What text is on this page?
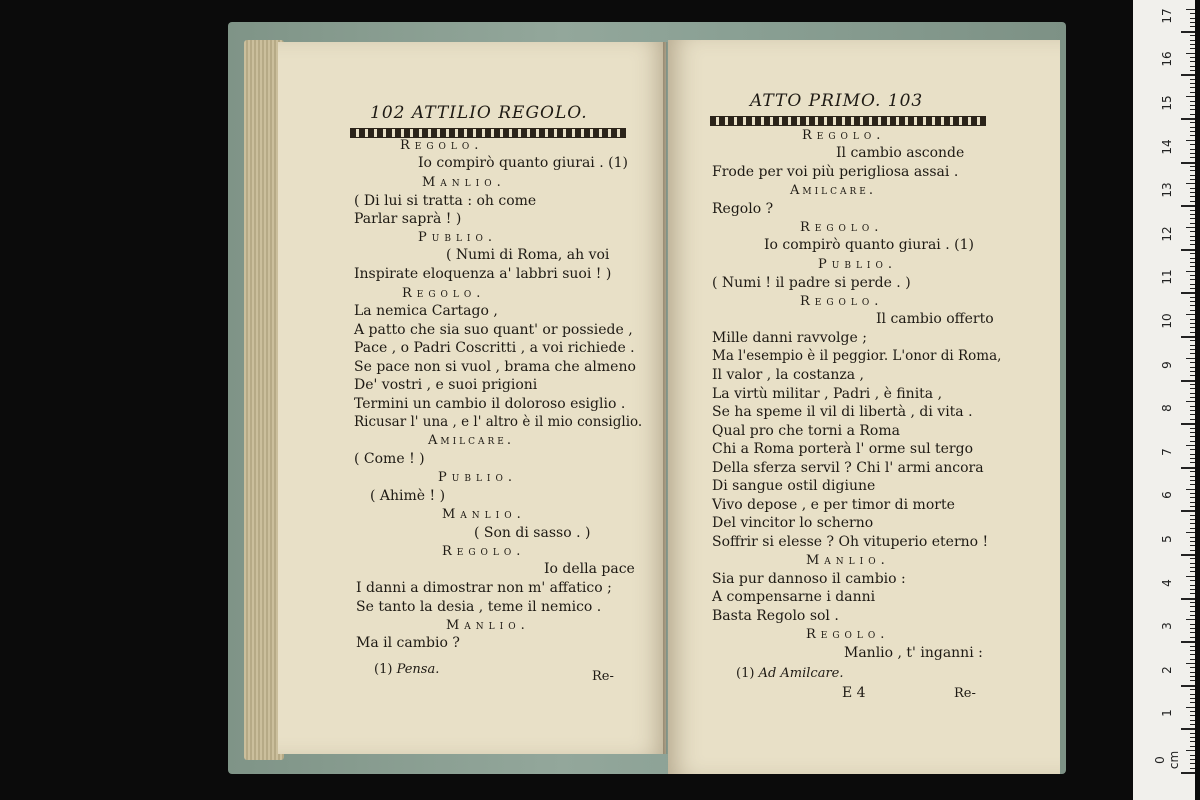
102 ATTILIO REGOLO.
Regolo.
Io compirò quanto giurai . (1)
Manlio.
( Di lui si tratta : oh come
Parlar saprà ! )
Publio.
( Numi di Roma, ah voi
Inspirate eloquenza a' labbri suoi ! )
Regolo.
La nemica Cartago ,
A patto che sia suo quant' or possiede ,
Pace , o Padri Coscritti , a voi richiede .
Se pace non si vuol , brama che almeno
De' vostri , e suoi prigioni
Termini un cambio il doloroso esiglio .
Ricusar l' una , e l' altro è il mio consiglio.
Amilcare.
( Come ! )
Publio.
( Ahimè ! )
Manlio.
( Son di sasso . )
Regolo.
Io della pace
I danni a dimostrar non m' affatico ;
Se tanto la desia , teme il nemico .
Manlio.
Ma il cambio ?
(1) Pensa.	Re-
ATTO PRIMO. 103
Regolo.
Il cambio asconde
Frode per voi più perigliosa assai .
Amilcare.
Regolo ?
Regolo.
Io compirò quanto giurai . (1)
Publio.
( Numi ! il padre si perde . )
Regolo.
Il cambio offerto
Mille danni ravvolge ;
Ma l'esempio è il peggior. L'onor di Roma,
Il valor , la costanza ,
La virtù militar , Padri , è finita ,
Se ha speme il vil di libertà , di vita .
Qual pro che torni a Roma
Chi a Roma porterà l' orme sul tergo
Della sferza servil ? Chi l' armi ancora
Di sangue ostil digiune
Vivo depose , e per timor di morte
Del vincitor lo scherno
Soffrir si elesse ? Oh vituperio eterno !
Manlio.
Sia pur dannoso il cambio :
A compensarne i danni
Basta Regolo sol .
Regolo.
Manlio , t' inganni :
(1) Ad Amilcare.
E 4	Re-
0 cm
1
2
3
4
5
6
7
8
9
10
11
12
13
14
15
16
17
